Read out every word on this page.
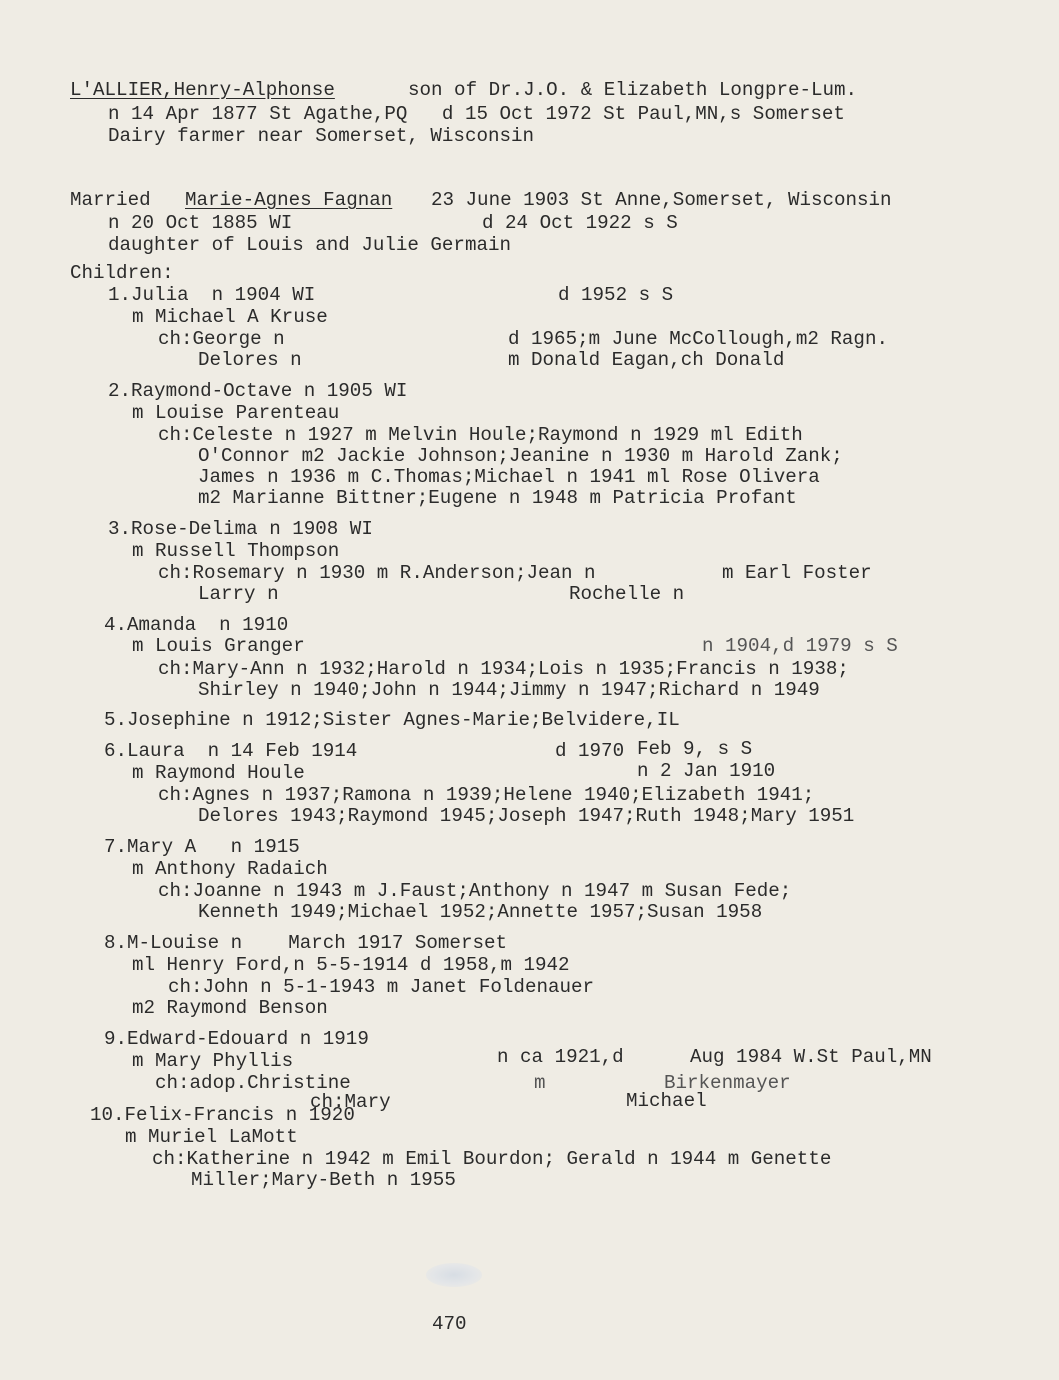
L'ALLIER,Henry-Alphonse	son of Dr.J.O. & Elizabeth Longpre-Lum.
n 14 Apr 1877 St Agathe,PQ   d 15 Oct 1972 St Paul,MN,s Somerset
Dairy farmer near Somerset, Wisconsin
Married Marie-Agnes Fagnan 23 June 1903 St Anne,Somerset, Wisconsin
n 20 Oct 1885 WI	d 24 Oct 1922 s S
daughter of Louis and Julie Germain
Children:
1.Julia  n 1904 WI	d 1952 s S
m Michael A Kruse
ch:George n	d 1965;m June McCollough,m2 Ragn.
Delores n	m Donald Eagan,ch Donald
2.Raymond-Octave n 1905 WI
m Louise Parenteau
ch:Celeste n 1927 m Melvin Houle;Raymond n 1929 ml Edith
O'Connor m2 Jackie Johnson;Jeanine n 1930 m Harold Zank;
James n 1936 m C.Thomas;Michael n 1941 ml Rose Olivera
m2 Marianne Bittner;Eugene n 1948 m Patricia Profant
3.Rose-Delima n 1908 WI
m Russell Thompson
ch:Rosemary n 1930 m R.Anderson;Jean n	m Earl Foster
Larry n	Rochelle n
4.Amanda  n 1910
m Louis Granger	n 1904,d 1979 s S
ch:Mary-Ann n 1932;Harold n 1934;Lois n 1935;Francis n 1938;
Shirley n 1940;John n 1944;Jimmy n 1947;Richard n 1949
5.Josephine n 1912;Sister Agnes-Marie;Belvidere,IL
6.Laura  n 14 Feb 1914	d 1970 Feb 9, s S
m Raymond Houle	n 2 Jan 1910
ch:Agnes n 1937;Ramona n 1939;Helene 1940;Elizabeth 1941;
Delores 1943;Raymond 1945;Joseph 1947;Ruth 1948;Mary 1951
7.Mary A   n 1915
m Anthony Radaich
ch:Joanne n 1943 m J.Faust;Anthony n 1947 m Susan Fede;
Kenneth 1949;Michael 1952;Annette 1957;Susan 1958
8.M-Louise n    March 1917 Somerset
ml Henry Ford,n 5-5-1914 d 1958,m 1942
ch:John n 5-1-1943 m Janet Foldenauer
m2 Raymond Benson
9.Edward-Edouard n 1919
m Mary Phyllis	n ca 1921,d	Aug 1984 W.St Paul,MN
ch:adop.Christine	m	Birkenmayer
ch:Mary	Michael
10.Felix-Francis n 1920
m Muriel LaMott
ch:Katherine n 1942 m Emil Bourdon; Gerald n 1944 m Genette
Miller;Mary-Beth n 1955
470
